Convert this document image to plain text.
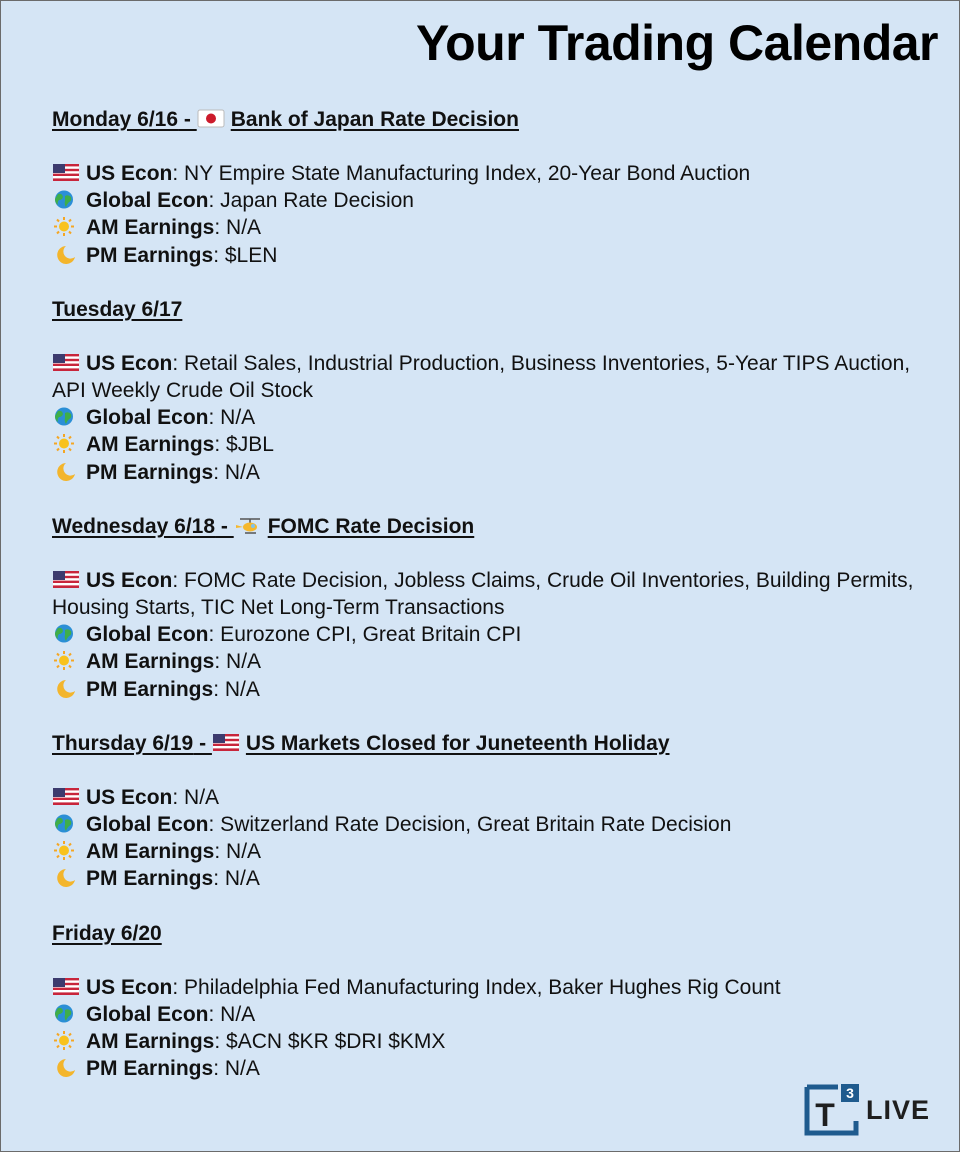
Your Trading Calendar
Monday 6/16 -
Bank of Japan Rate Decision
US Econ: NY Empire State Manufacturing Index, 20-Year Bond Auction
Global Econ: Japan Rate Decision
AM Earnings: N/A
PM Earnings: $LEN
Tuesday 6/17
US Econ: Retail Sales, Industrial Production, Business Inventories, 5-Year TIPS Auction, API Weekly Crude Oil Stock
Global Econ: N/A
AM Earnings: $JBL
PM Earnings: N/A
Wednesday 6/18 -
FOMC Rate Decision
US Econ: FOMC Rate Decision, Jobless Claims, Crude Oil Inventories, Building Permits, Housing Starts, TIC Net Long-Term Transactions
Global Econ: Eurozone CPI, Great Britain CPI
AM Earnings: N/A
PM Earnings: N/A
Thursday 6/19 -
US Markets Closed for Juneteenth Holiday
US Econ: N/A
Global Econ: Switzerland Rate Decision, Great Britain Rate Decision
AM Earnings: N/A
PM Earnings: N/A
Friday 6/20
US Econ: Philadelphia Fed Manufacturing Index, Baker Hughes Rig Count
Global Econ: N/A
AM Earnings: $ACN $KR $DRI $KMX
PM Earnings: N/A
3
T LIVE
